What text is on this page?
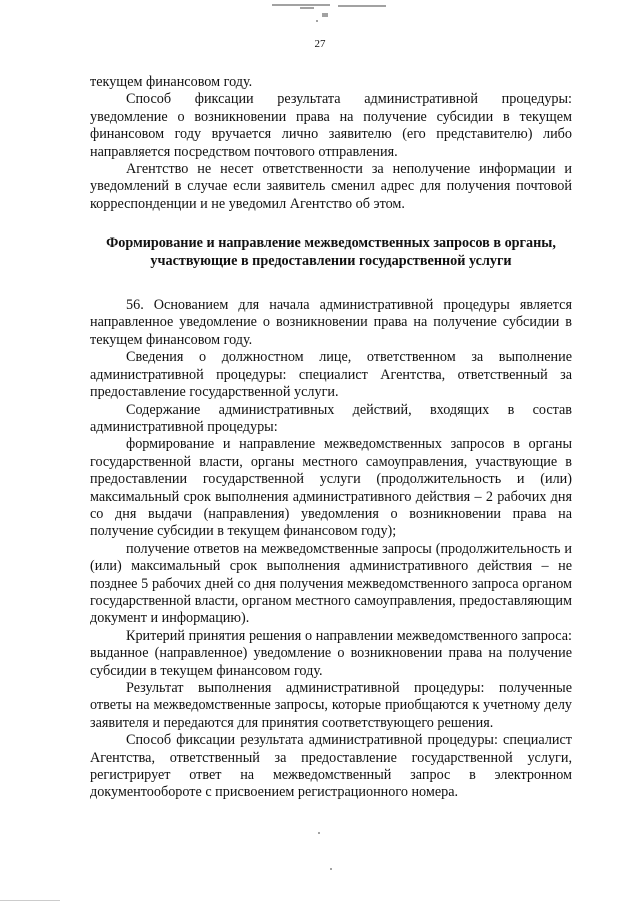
27

текущем финансовом году.

Способ фиксации результата административной процедуры: уведомление о возникновении права на получение субсидии в текущем финансовом году вручается лично заявителю (его представителю) либо направляется посредством почтового отправления.

Агентство не несет ответственности за неполучение информации и уведомлений в случае если заявитель сменил адрес для получения почтовой корреспонденции и не уведомил Агентство об этом.

Формирование и направление межведомственных запросов в органы,
участвующие в предоставлении государственной услуги

56. Основанием для начала административной процедуры является направленное уведомление о возникновении права на получение субсидии в текущем финансовом году.

Сведения о должностном лице, ответственном за выполнение административной процедуры: специалист Агентства, ответственный за предоставление государственной услуги.

Содержание административных действий, входящих в состав административной процедуры:

формирование и направление межведомственных запросов в органы государственной власти, органы местного самоуправления, участвующие в предоставлении государственной услуги (продолжительность и (или) максимальный срок выполнения административного действия – 2 рабочих дня со дня выдачи (направления) уведомления о возникновении права на получение субсидии в текущем финансовом году);

получение ответов на межведомственные запросы (продолжительность и (или) максимальный срок выполнения административного действия – не позднее 5 рабочих дней со дня получения межведомственного запроса органом государственной власти, органом местного самоуправления, предоставляющим документ и информацию).

Критерий принятия решения о направлении межведомственного запроса: выданное (направленное) уведомление о возникновении права на получение субсидии в текущем финансовом году.

Результат выполнения административной процедуры: полученные ответы на межведомственные запросы, которые приобщаются к учетному делу заявителя и передаются для принятия соответствующего решения.

Способ фиксации результата административной процедуры: специалист Агентства, ответственный за предоставление государственной услуги, регистрирует ответ на межведомственный запрос в электронном документообороте с присвоением регистрационного номера.
